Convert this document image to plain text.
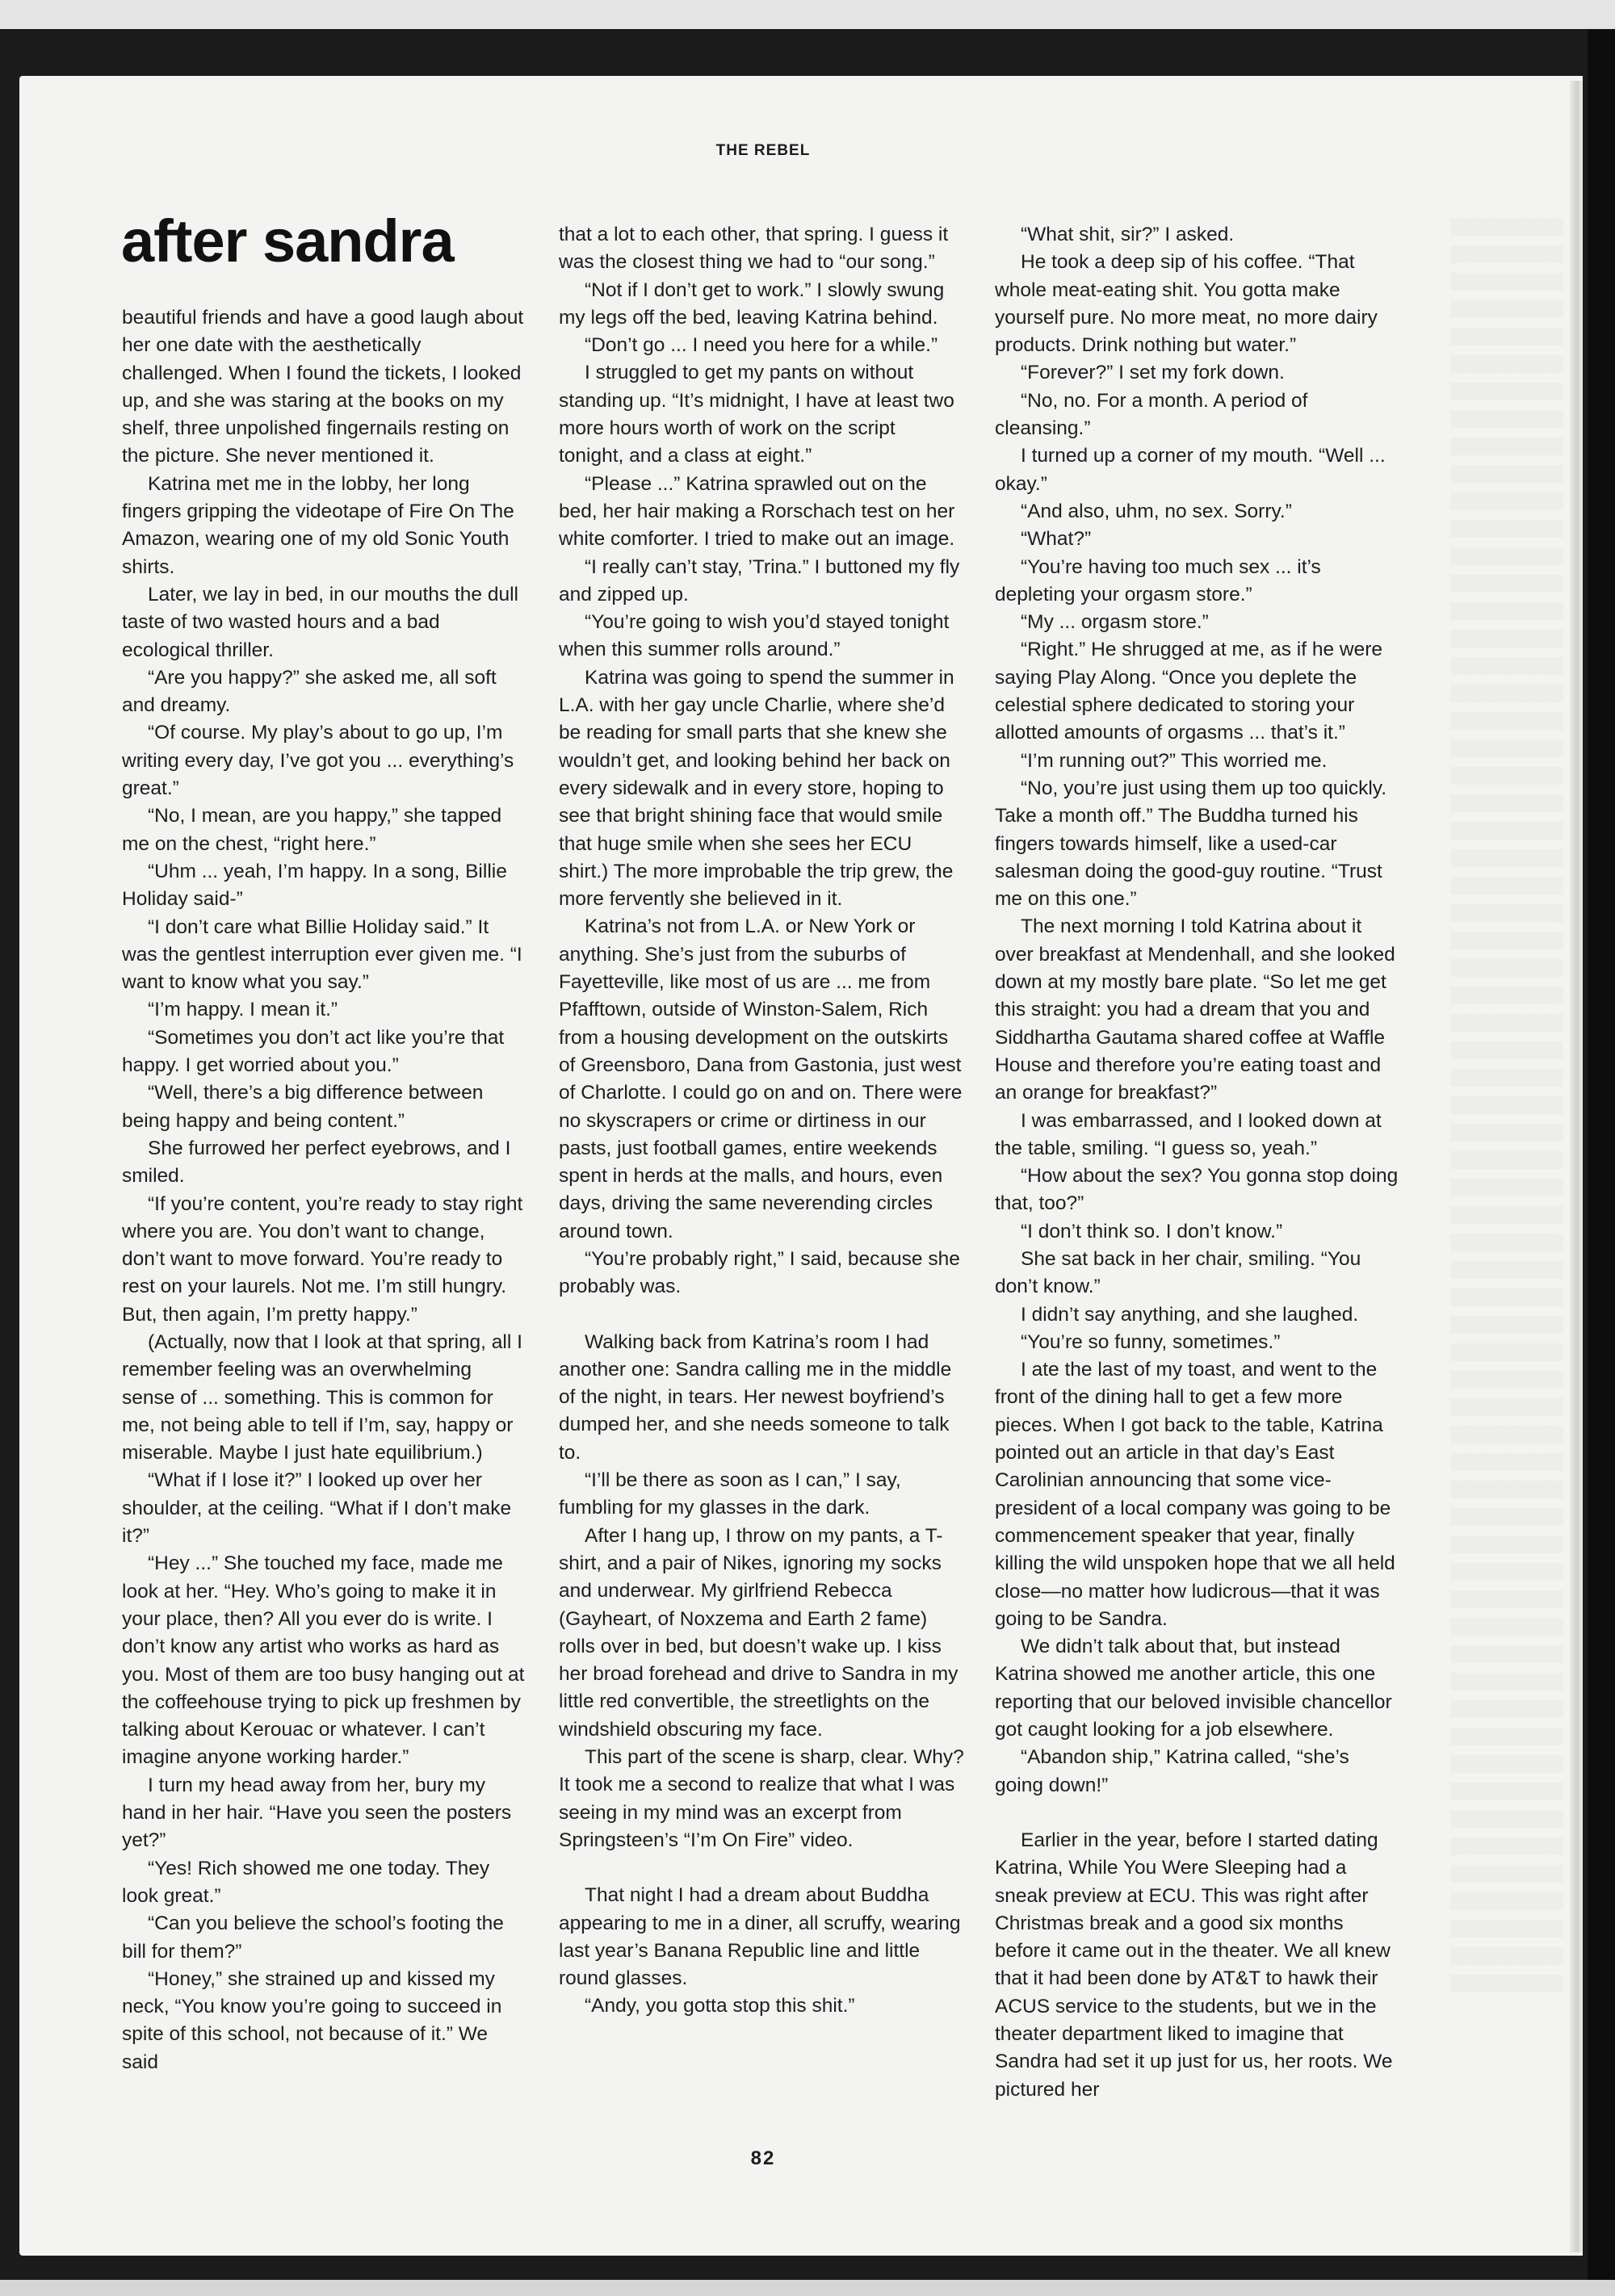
THE REBEL
after sandra

beautiful friends and have a good laugh about her one date with the aesthetically challenged. When I found the tickets, I looked up, and she was staring at the books on my shelf, three unpolished fingernails resting on the picture. She never mentioned it.

Katrina met me in the lobby, her long fingers gripping the videotape of Fire On The Amazon, wearing one of my old Sonic Youth shirts.

Later, we lay in bed, in our mouths the dull taste of two wasted hours and a bad ecological thriller.

“Are you happy?” she asked me, all soft and dreamy.

“Of course. My play’s about to go up, I’m writing every day, I’ve got you ... everything’s great.”

“No, I mean, are you happy,” she tapped me on the chest, “right here.”

“Uhm ... yeah, I’m happy. In a song, Billie Holiday said-”

“I don’t care what Billie Holiday said.” It was the gentlest interruption ever given me. “I want to know what you say.”

“I’m happy. I mean it.”

“Sometimes you don’t act like you’re that happy. I get worried about you.”

“Well, there’s a big difference between being happy and being content.”

She furrowed her perfect eyebrows, and I smiled.

“If you’re content, you’re ready to stay right where you are. You don’t want to change, don’t want to move forward. You’re ready to rest on your laurels. Not me. I’m still hungry. But, then again, I’m pretty happy.”

(Actually, now that I look at that spring, all I remember feeling was an overwhelming sense of ... something. This is common for me, not being able to tell if I’m, say, happy or miserable. Maybe I just hate equilibrium.)

“What if I lose it?” I looked up over her shoulder, at the ceiling. “What if I don’t make it?”

“Hey ...” She touched my face, made me look at her. “Hey. Who’s going to make it in your place, then? All you ever do is write. I don’t know any artist who works as hard as you. Most of them are too busy hanging out at the coffeehouse trying to pick up freshmen by talking about Kerouac or whatever. I can’t imagine anyone working harder.”

I turn my head away from her, bury my hand in her hair. “Have you seen the posters yet?”

“Yes! Rich showed me one today. They look great.”

“Can you believe the school’s footing the bill for them?”

“Honey,” she strained up and kissed my neck, “You know you’re going to succeed in spite of this school, not because of it.” We said

that a lot to each other, that spring. I guess it was the closest thing we had to “our song.”

“Not if I don’t get to work.” I slowly swung my legs off the bed, leaving Katrina behind.

“Don’t go ... I need you here for a while.”

I struggled to get my pants on without standing up. “It’s midnight, I have at least two more hours worth of work on the script tonight, and a class at eight.”

“Please ...” Katrina sprawled out on the bed, her hair making a Rorschach test on her white comforter. I tried to make out an image.

“I really can’t stay, ’Trina.” I buttoned my fly and zipped up.

“You’re going to wish you’d stayed tonight when this summer rolls around.”

Katrina was going to spend the summer in L.A. with her gay uncle Charlie, where she’d be reading for small parts that she knew she wouldn’t get, and looking behind her back on every sidewalk and in every store, hoping to see that bright shining face that would smile that huge smile when she sees her ECU shirt.) The more improbable the trip grew, the more fervently she believed in it.

Katrina’s not from L.A. or New York or anything. She’s just from the suburbs of Fayetteville, like most of us are ... me from Pfafftown, outside of Winston-Salem, Rich from a housing development on the outskirts of Greensboro, Dana from Gastonia, just west of Charlotte. I could go on and on. There were no skyscrapers or crime or dirtiness in our pasts, just football games, entire weekends spent in herds at the malls, and hours, even days, driving the same neverending circles around town.

“You’re probably right,” I said, because she probably was.

Walking back from Katrina’s room I had another one: Sandra calling me in the middle of the night, in tears. Her newest boyfriend’s dumped her, and she needs someone to talk to.

“I’ll be there as soon as I can,” I say, fumbling for my glasses in the dark.

After I hang up, I throw on my pants, a T-shirt, and a pair of Nikes, ignoring my socks and underwear. My girlfriend Rebecca (Gayheart, of Noxzema and Earth 2 fame) rolls over in bed, but doesn’t wake up. I kiss her broad forehead and drive to Sandra in my little red convertible, the streetlights on the windshield obscuring my face.

This part of the scene is sharp, clear. Why? It took me a second to realize that what I was seeing in my mind was an excerpt from Springsteen’s “I’m On Fire” video.

That night I had a dream about Buddha appearing to me in a diner, all scruffy, wearing last year’s Banana Republic line and little round glasses.

“Andy, you gotta stop this shit.”

“What shit, sir?” I asked.

He took a deep sip of his coffee. “That whole meat-eating shit. You gotta make yourself pure. No more meat, no more dairy products. Drink nothing but water.”

“Forever?” I set my fork down.

“No, no. For a month. A period of cleansing.”

I turned up a corner of my mouth. “Well ... okay.”

“And also, uhm, no sex. Sorry.”

“What?”

“You’re having too much sex ... it’s depleting your orgasm store.”

“My ... orgasm store.”

“Right.” He shrugged at me, as if he were saying Play Along. “Once you deplete the celestial sphere dedicated to storing your allotted amounts of orgasms ... that’s it.”

“I’m running out?” This worried me.

“No, you’re just using them up too quickly. Take a month off.” The Buddha turned his fingers towards himself, like a used-car salesman doing the good-guy routine. “Trust me on this one.”

The next morning I told Katrina about it over breakfast at Mendenhall, and she looked down at my mostly bare plate. “So let me get this straight: you had a dream that you and Siddhartha Gautama shared coffee at Waffle House and therefore you’re eating toast and an orange for breakfast?”

I was embarrassed, and I looked down at the table, smiling. “I guess so, yeah.”

“How about the sex? You gonna stop doing that, too?”

“I don’t think so. I don’t know.”

She sat back in her chair, smiling. “You don’t know.”

I didn’t say anything, and she laughed.

“You’re so funny, sometimes.”

I ate the last of my toast, and went to the front of the dining hall to get a few more pieces. When I got back to the table, Katrina pointed out an article in that day’s East Carolinian announcing that some vice-president of a local company was going to be commencement speaker that year, finally killing the wild unspoken hope that we all held close—no matter how ludicrous—that it was going to be Sandra.

We didn’t talk about that, but instead Katrina showed me another article, this one reporting that our beloved invisible chancellor got caught looking for a job elsewhere.

“Abandon ship,” Katrina called, “she’s going down!”

Earlier in the year, before I started dating Katrina, While You Were Sleeping had a sneak preview at ECU. This was right after Christmas break and a good six months before it came out in the theater. We all knew that it had been done by AT&T to hawk their ACUS service to the students, but we in the theater department liked to imagine that Sandra had set it up just for us, her roots. We pictured her

82
